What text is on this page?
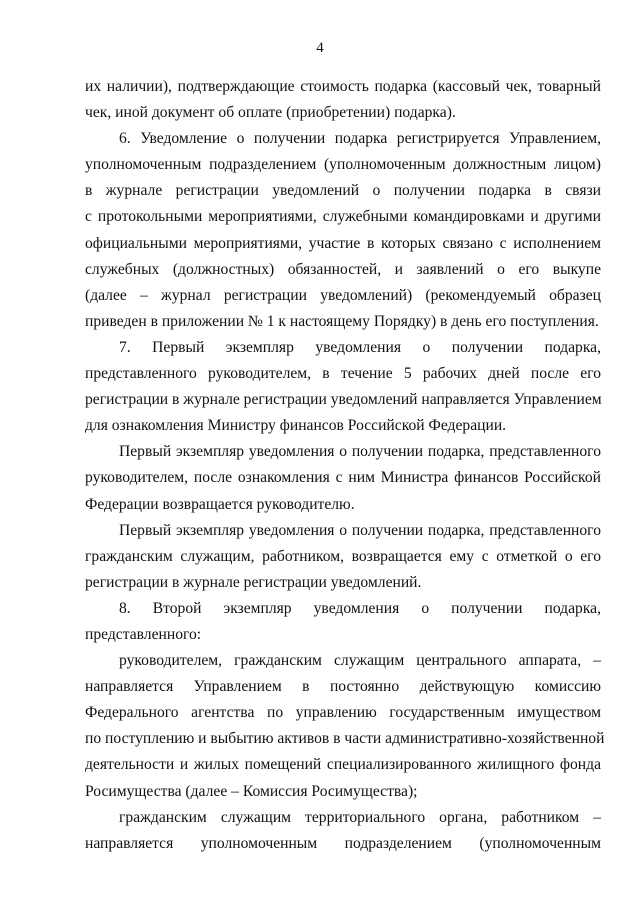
4
их наличии), подтверждающие стоимость подарка (кассовый чек, товарный
чек, иной документ об оплате (приобретении) подарка).
6. Уведомление о получении подарка регистрируется Управлением,
уполномоченным подразделением (уполномоченным должностным лицом)
в журнале регистрации уведомлений о получении подарка в связи
с протокольными мероприятиями, служебными командировками и другими
официальными мероприятиями, участие в которых связано с исполнением
служебных (должностных) обязанностей, и заявлений о его выкупе
(далее – журнал регистрации уведомлений) (рекомендуемый образец
приведен в приложении № 1 к настоящему Порядку) в день его поступления.
7. Первый экземпляр уведомления о получении подарка,
представленного руководителем, в течение 5 рабочих дней после его
регистрации в журнале регистрации уведомлений направляется Управлением
для ознакомления Министру финансов Российской Федерации.
Первый экземпляр уведомления о получении подарка, представленного
руководителем, после ознакомления с ним Министра финансов Российской
Федерации возвращается руководителю.
Первый экземпляр уведомления о получении подарка, представленного
гражданским служащим, работником, возвращается ему с отметкой о его
регистрации в журнале регистрации уведомлений.
8. Второй экземпляр уведомления о получении подарка,
представленного:
руководителем, гражданским служащим центрального аппарата, –
направляется Управлением в постоянно действующую комиссию
Федерального агентства по управлению государственным имуществом
по поступлению и выбытию активов в части административно-хозяйственной
деятельности и жилых помещений специализированного жилищного фонда
Росимущества (далее – Комиссия Росимущества);
гражданским служащим территориального органа, работником –
направляется уполномоченным подразделением (уполномоченным
